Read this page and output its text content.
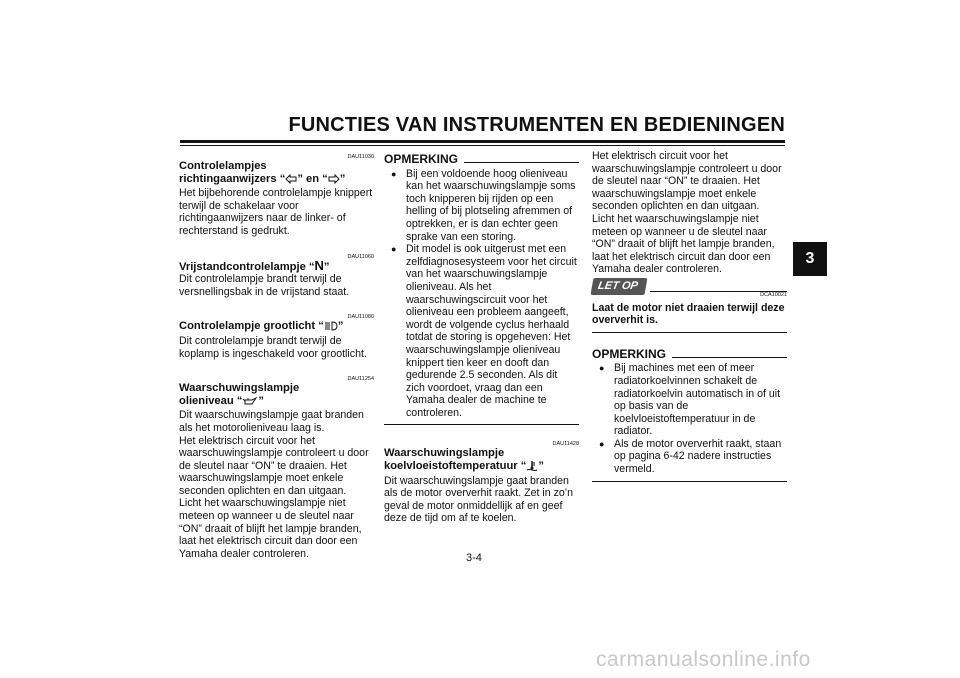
FUNCTIES VAN INSTRUMENTEN EN BEDIENINGEN
3
DAU11030
Controlelampjes
richtingaanwijzers “ ” en “ ”

Het bijbehorende controlelampje knippert terwijl de schakelaar voor richtingaanwijzers naar de linker- of rechterstand is gedrukt.

DAU11060
Vrijstandcontrolelampje “N”

Dit controlelampje brandt terwijl de versnellingsbak in de vrijstand staat.

DAU11080
Controlelampje grootlicht “ ”

Dit controlelampje brandt terwijl de koplamp is ingeschakeld voor grootlicht.

DAU11254
Waarschuwingslampje
olieniveau “ ”

Dit waarschuwingslampje gaat branden als het motorolieniveau laag is.

Het elektrisch circuit voor het waarschuwingslampje controleert u door de sleutel naar “ON” te draaien. Het waarschuwingslampje moet enkele seconden oplichten en dan uitgaan.

Licht het waarschuwingslampje niet meteen op wanneer u de sleutel naar “ON” draait of blijft het lampje branden, laat het elektrisch circuit dan door een Yamaha dealer controleren.

OPMERKING
● Bij een voldoende hoog olieniveau kan het waarschuwingslampje soms toch knipperen bij rijden op een helling of bij plotseling afremmen of optrekken, er is dan echter geen sprake van een storing.
● Dit model is ook uitgerust met een zelfdiagnosesysteem voor het circuit van het waarschuwingslampje olieniveau. Als het waarschuwingscircuit voor het olieniveau een probleem aangeeft, wordt de volgende cyclus herhaald totdat de storing is opgeheven: Het waarschuwingslampje olieniveau knippert tien keer en dooft dan gedurende 2.5 seconden. Als dit zich voordoet, vraag dan een Yamaha dealer de machine te controleren.
DAU11428
Waarschuwingslampje
koelvloeistoftemperatuur “ ”

Dit waarschuwingslampje gaat branden als de motor oververhit raakt. Zet in zo’n geval de motor onmiddellijk af en geef deze de tijd om af te koelen.

Het elektrisch circuit voor het waarschuwingslampje controleert u door de sleutel naar “ON” te draaien. Het waarschuwingslampje moet enkele seconden oplichten en dan uitgaan.

Licht het waarschuwingslampje niet meteen op wanneer u de sleutel naar “ON” draait of blijft het lampje branden, laat het elektrisch circuit dan door een Yamaha dealer controleren.

LET OP
DCA10021

Laat de motor niet draaien terwijl deze oververhit is.

OPMERKING
● Bij machines met een of meer radiatorkoelvinnen schakelt de radiatorkoelvin automatisch in of uit op basis van de koelvloeistoftemperatuur in de radiator.
● Als de motor oververhit raakt, staan op pagina 6-42 nadere instructies vermeld.
3-4
carmanualsonline.info
